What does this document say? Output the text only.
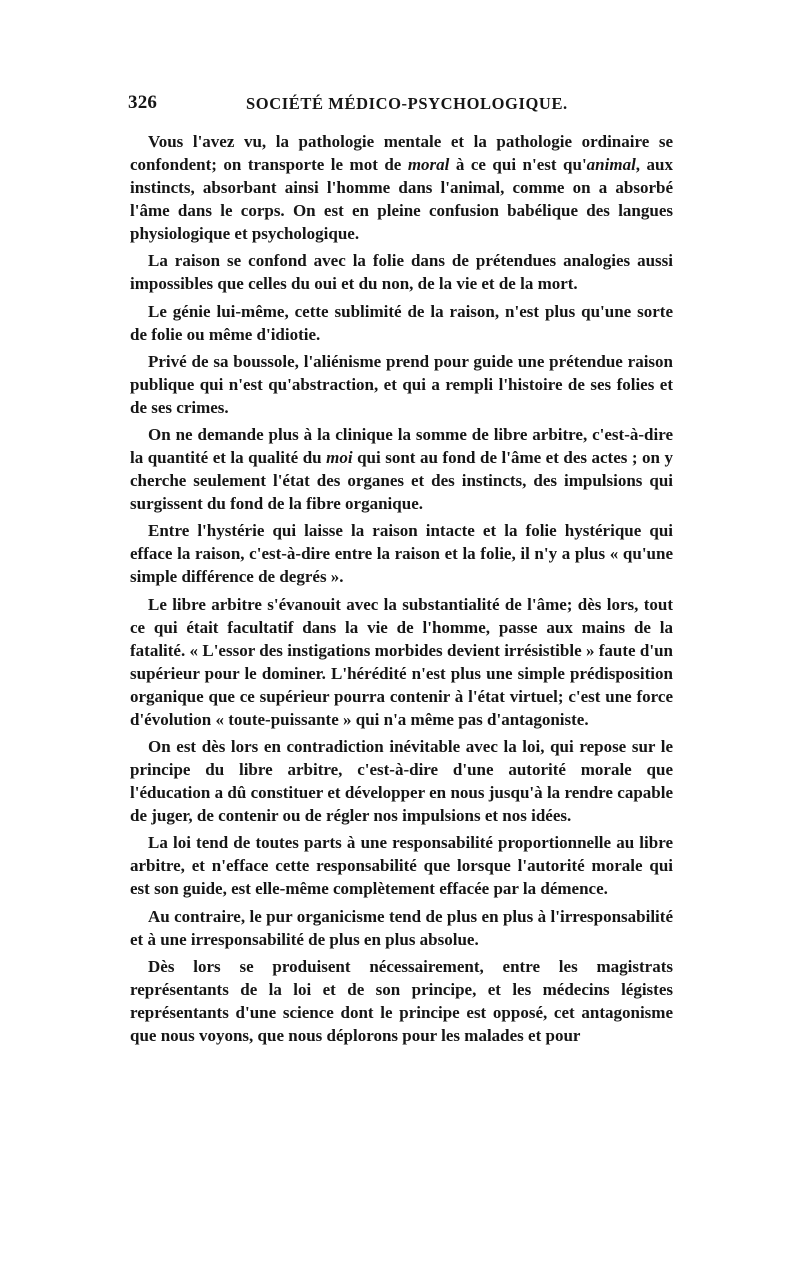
326	SOCIÉTÉ MÉDICO-PSYCHOLOGIQUE.

Vous l'avez vu, la pathologie mentale et la pathologie ordinaire se confondent; on transporte le mot de moral à ce qui n'est qu'animal, aux instincts, absorbant ainsi l'homme dans l'animal, comme on a absorbé l'âme dans le corps. On est en pleine confusion babélique des langues physiologique et psychologique.

La raison se confond avec la folie dans de prétendues analogies aussi impossibles que celles du oui et du non, de la vie et de la mort.

Le génie lui-même, cette sublimité de la raison, n'est plus qu'une sorte de folie ou même d'idiotie.

Privé de sa boussole, l'aliénisme prend pour guide une prétendue raison publique qui n'est qu'abstraction, et qui a rempli l'histoire de ses folies et de ses crimes.

On ne demande plus à la clinique la somme de libre arbitre, c'est-à-dire la quantité et la qualité du moi qui sont au fond de l'âme et des actes ; on y cherche seulement l'état des organes et des instincts, des impulsions qui surgissent du fond de la fibre organique.

Entre l'hystérie qui laisse la raison intacte et la folie hystérique qui efface la raison, c'est-à-dire entre la raison et la folie, il n'y a plus « qu'une simple différence de degrés ».

Le libre arbitre s'évanouit avec la substantialité de l'âme; dès lors, tout ce qui était facultatif dans la vie de l'homme, passe aux mains de la fatalité. « L'essor des instigations morbides devient irrésistible » faute d'un supérieur pour le dominer. L'hérédité n'est plus une simple prédisposition organique que ce supérieur pourra contenir à l'état virtuel; c'est une force d'évolution « toute-puissante » qui n'a même pas d'antagoniste.

On est dès lors en contradiction inévitable avec la loi, qui repose sur le principe du libre arbitre, c'est-à-dire d'une autorité morale que l'éducation a dû constituer et développer en nous jusqu'à la rendre capable de juger, de contenir ou de régler nos impulsions et nos idées.

La loi tend de toutes parts à une responsabilité proportionnelle au libre arbitre, et n'efface cette responsabilité que lorsque l'autorité morale qui est son guide, est elle-même complètement effacée par la démence.

Au contraire, le pur organicisme tend de plus en plus à l'irresponsabilité et à une irresponsabilité de plus en plus absolue.

Dès lors se produisent nécessairement, entre les magistrats représentants de la loi et de son principe, et les médecins légistes représentants d'une science dont le principe est opposé, cet antagonisme que nous voyons, que nous déplorons pour les malades et pour
